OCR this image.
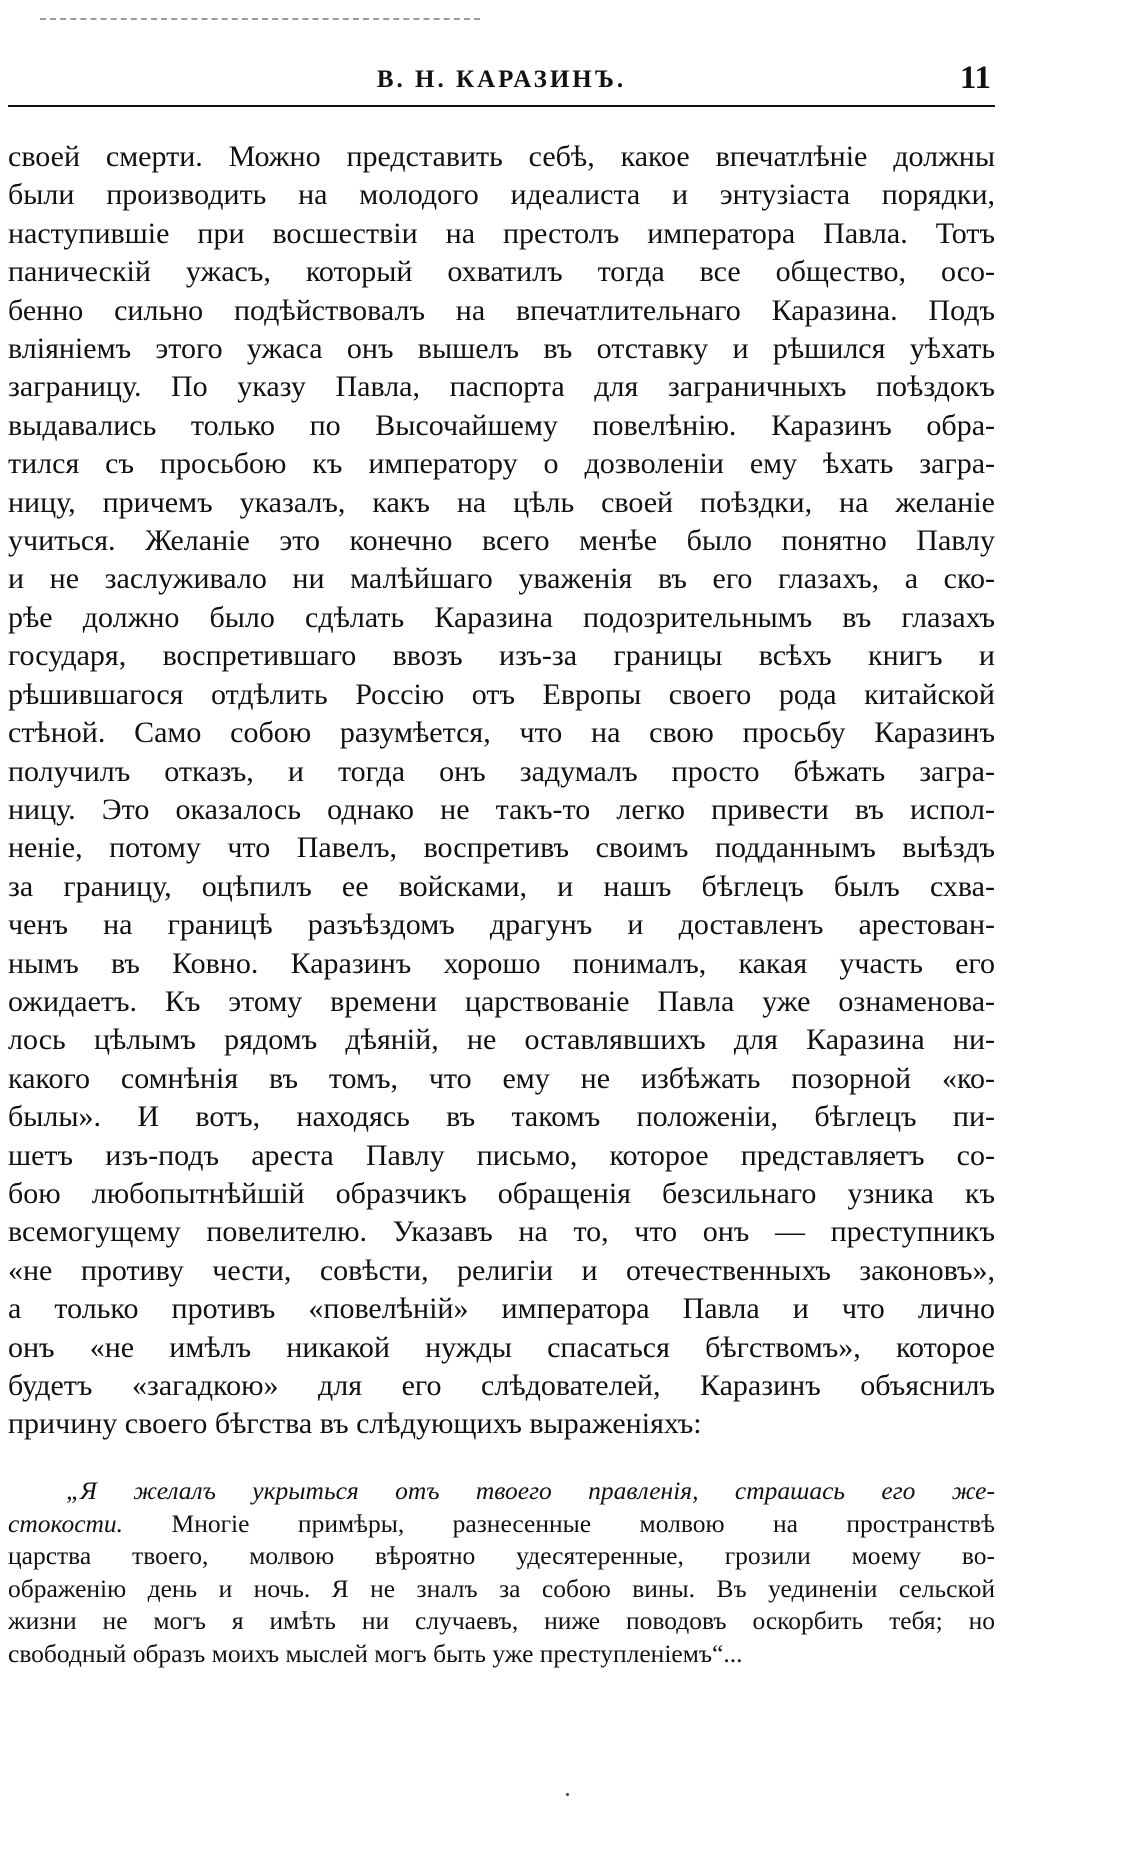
В. Н. КАРАЗИНЪ.	11
своей смерти. Можно представить себѣ, какое впечатлѣніе должны
были производить на молодого идеалиста и энтузіаста порядки,
наступившіе при восшествіи на престолъ императора Павла. Тотъ
паническій ужасъ, который охватилъ тогда все общество, осо-
бенно сильно подѣйствовалъ на впечатлительнаго Каразина. Подъ
вліяніемъ этого ужаса онъ вышелъ въ отставку и рѣшился уѣхать
заграницу. По указу Павла, паспорта для заграничныхъ поѣздокъ
выдавались только по Высочайшему повелѣнію. Каразинъ обра-
тился съ просьбою къ императору о дозволеніи ему ѣхать загра-
ницу, причемъ указалъ, какъ на цѣль своей поѣздки, на желаніе
учиться. Желаніе это конечно всего менѣе было понятно Павлу
и не заслуживало ни малѣйшаго уваженія въ его глазахъ, а ско-
рѣе должно было сдѣлать Каразина подозрительнымъ въ глазахъ
государя, воспретившаго ввозъ изъ-за границы всѣхъ книгъ и
рѣшившагося отдѣлить Россію отъ Европы своего рода китайской
стѣной. Само собою разумѣется, что на свою просьбу Каразинъ
получилъ отказъ, и тогда онъ задумалъ просто бѣжать загра-
ницу. Это оказалось однако не такъ-то легко привести въ испол-
неніе, потому что Павелъ, воспретивъ своимъ подданнымъ выѣздъ
за границу, оцѣпилъ ее войсками, и нашъ бѣглецъ былъ схва-
ченъ на границѣ разъѣздомъ драгунъ и доставленъ арестован-
нымъ въ Ковно. Каразинъ хорошо понималъ, какая участь его
ожидаетъ. Къ этому времени царствованіе Павла уже ознаменова-
лось цѣлымъ рядомъ дѣяній, не оставлявшихъ для Каразина ни-
какого сомнѣнія въ томъ, что ему не избѣжать позорной «ко-
былы». И вотъ, находясь въ такомъ положеніи, бѣглецъ пи-
шетъ изъ-подъ ареста Павлу письмо, которое представляетъ со-
бою любопытнѣйшій образчикъ обращенія безсильнаго узника къ
всемогущему повелителю. Указавъ на то, что онъ — преступникъ
«не противу чести, совѣсти, религіи и отечественныхъ законовъ»,
а только противъ «повелѣній» императора Павла и что лично
онъ «не имѣлъ никакой нужды спасаться бѣгствомъ», которое
будетъ «загадкою» для его слѣдователей, Каразинъ объяснилъ
причину своего бѣгства въ слѣдующихъ выраженіяхъ:
„Я желалъ укрыться отъ твоего правленія, страшась его же-
стокости. Многіе примѣры, разнесенные молвою на пространствѣ
царства твоего, молвою вѣроятно удесятеренные, грозили моему во-
ображенію день и ночь. Я не зналъ за собою вины. Въ уединеніи сельской
жизни не могъ я имѣть ни случаевъ, ниже поводовъ оскорбить тебя; но
свободный образъ моихъ мыслей могъ быть уже преступленіемъ“...
